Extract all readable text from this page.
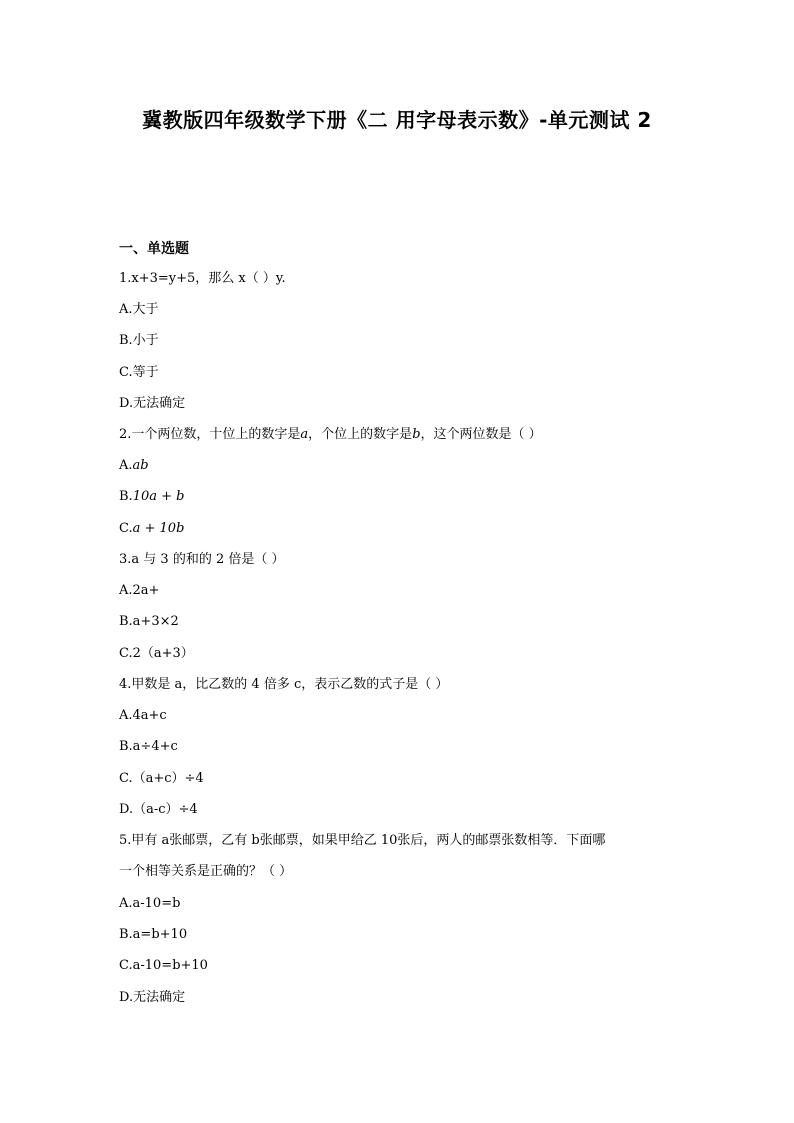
冀教版四年级数学下册《二 用字母表示数》-单元测试 2
一、单选题
1.x+3=y+5，那么 x（ ）y.
A.大于
B.小于
C.等于
D.无法确定
2.一个两位数，十位上的数字是a，个位上的数字是b，这个两位数是（ ）
A.ab
B.10a + b
C.a + 10b
3.a 与 3 的和的 2 倍是（ ）
A.2a+
B.a+3×2
C.2（a+3）
4.甲数是 a，比乙数的 4 倍多 c，表示乙数的式子是（ ）
A.4a+c
B.a÷4+c
C.（a+c）÷4
D.（a-c）÷4
5.甲有 a张邮票，乙有 b张邮票，如果甲给乙 10张后，两人的邮票张数相等．下面哪
一个相等关系是正确的？（ ）
A.a-10=b
B.a=b+10
C.a-10=b+10
D.无法确定
